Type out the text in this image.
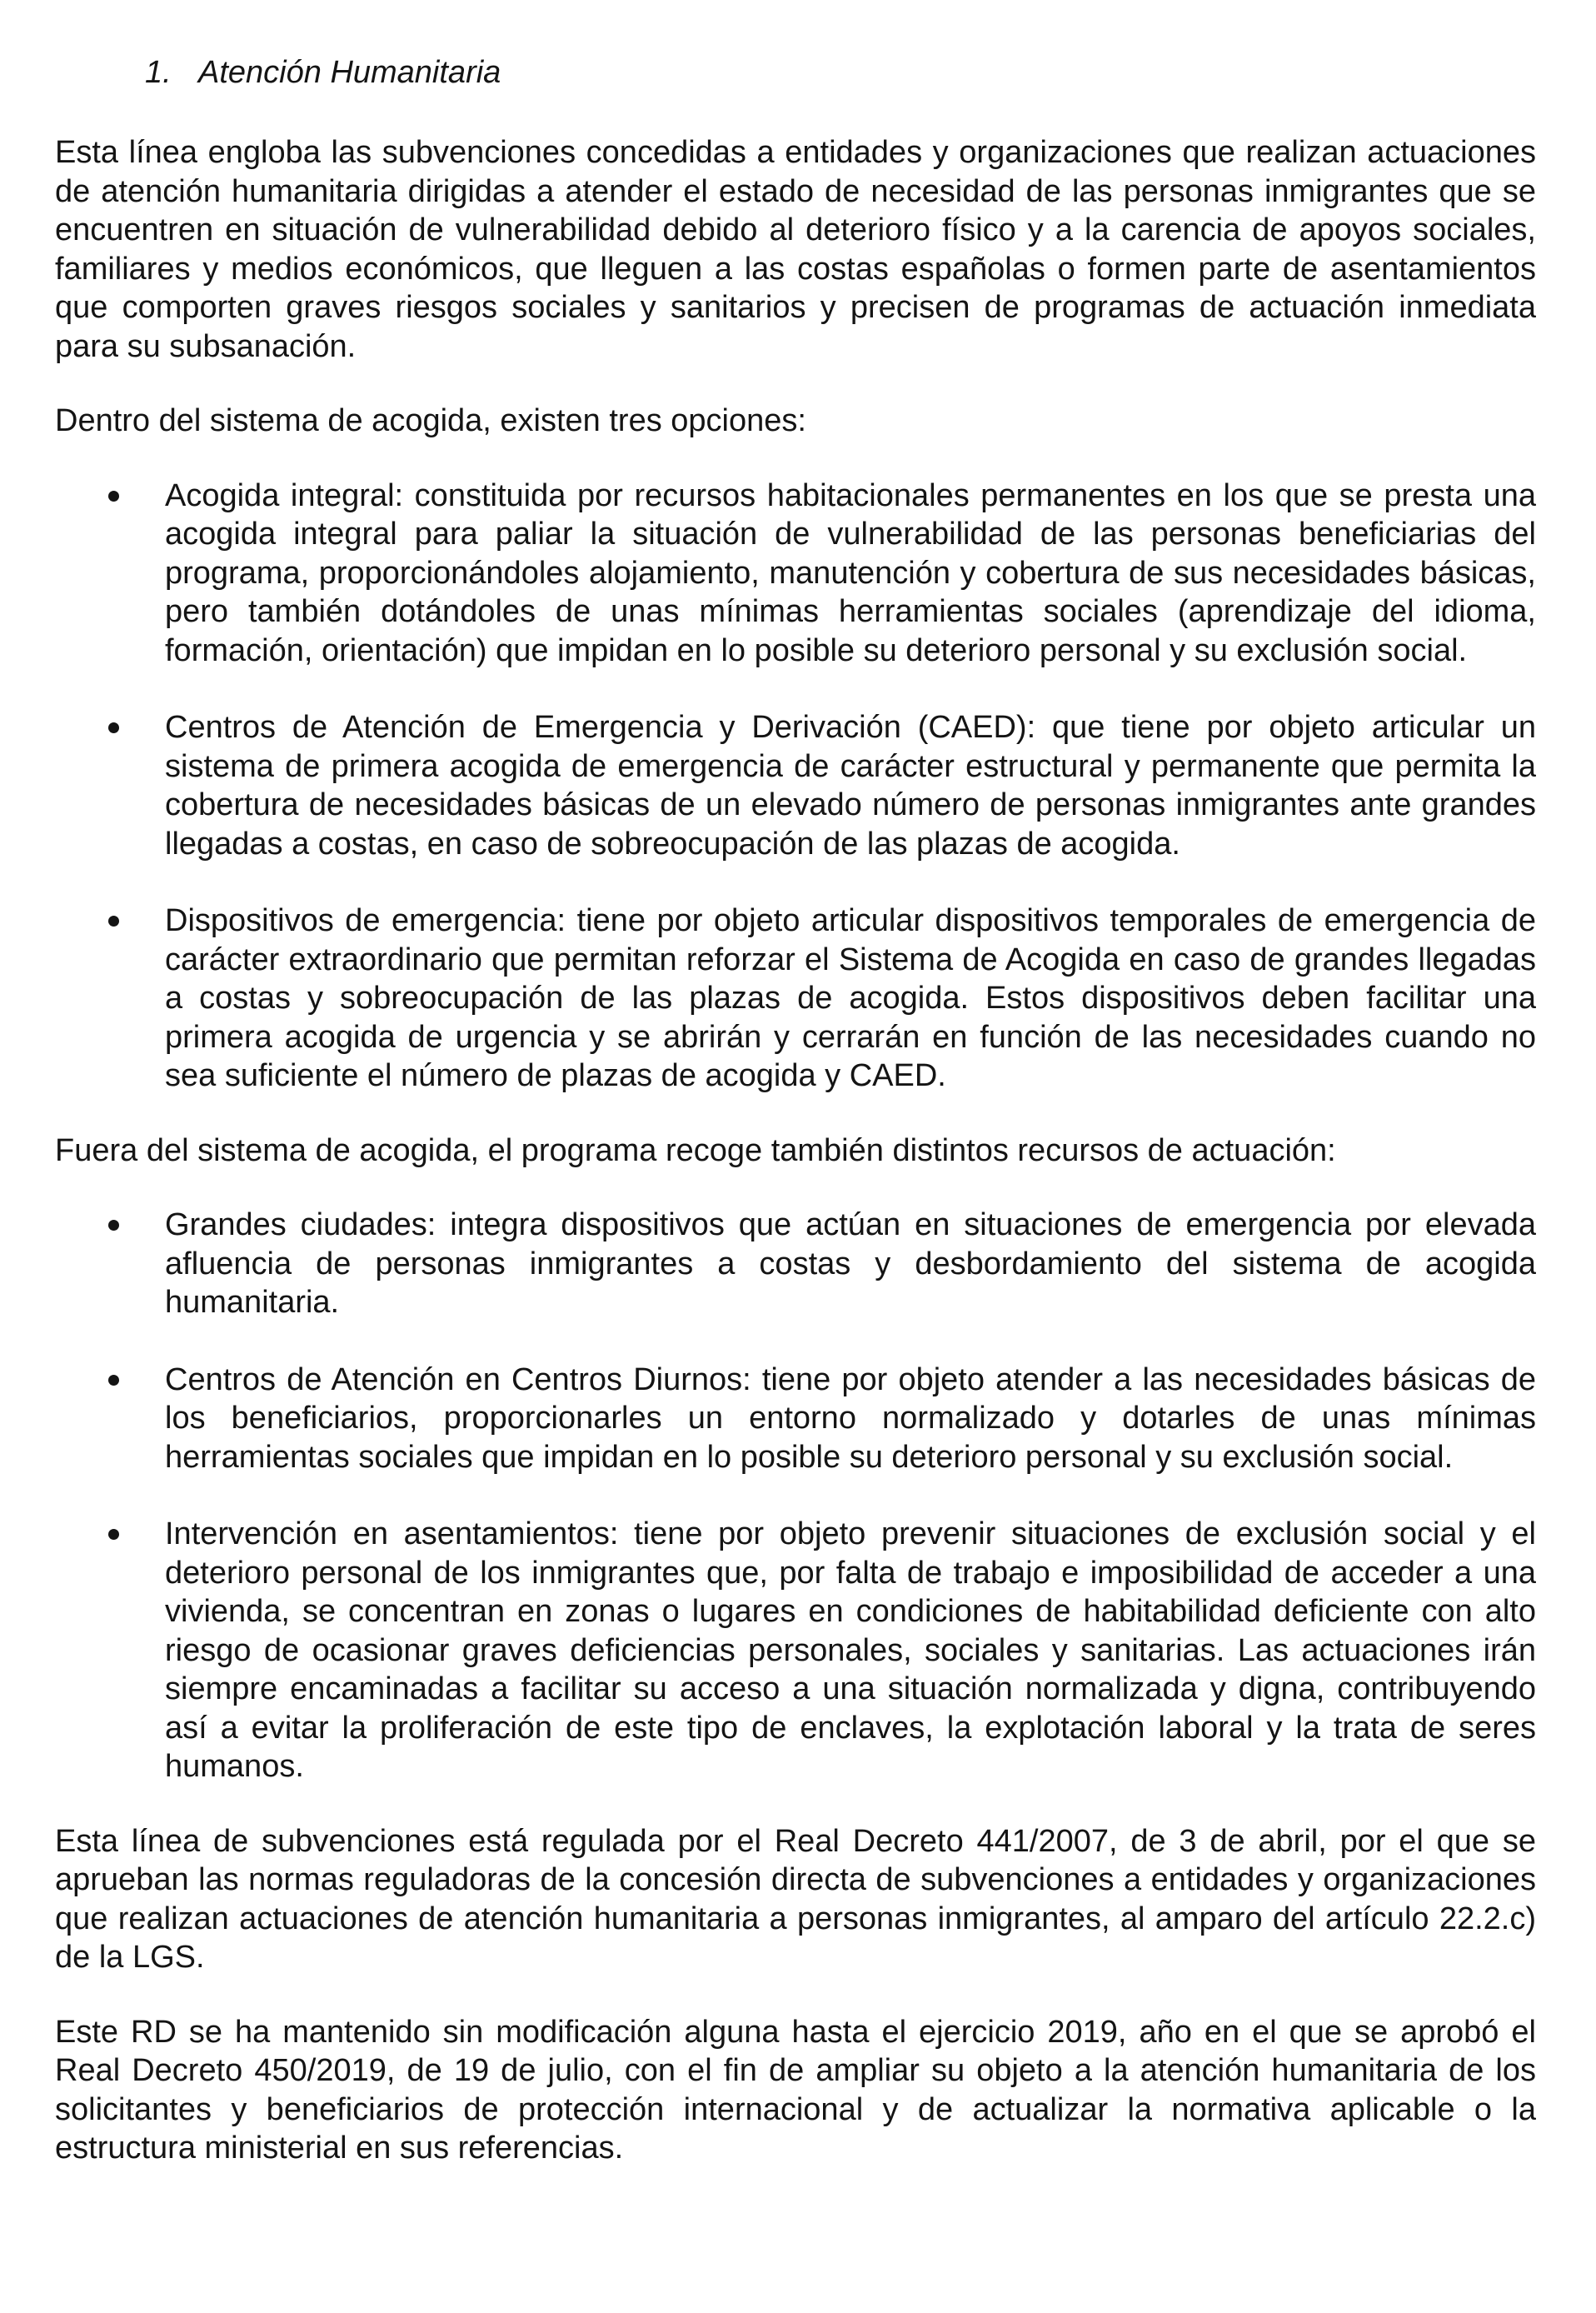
1. Atención Humanitaria

Esta línea engloba las subvenciones concedidas a entidades y organizaciones que realizan actuaciones de atención humanitaria dirigidas a atender el estado de necesidad de las personas inmigrantes que se encuentren en situación de vulnerabilidad debido al deterioro físico y a la carencia de apoyos sociales, familiares y medios económicos, que lleguen a las costas españolas o formen parte de asentamientos que comporten graves riesgos sociales y sanitarios y precisen de programas de actuación inmediata para su subsanación.

Dentro del sistema de acogida, existen tres opciones:

Acogida integral: constituida por recursos habitacionales permanentes en los que se presta una acogida integral para paliar la situación de vulnerabilidad de las personas beneficiarias del programa, proporcionándoles alojamiento, manutención y cobertura de sus necesidades básicas, pero también dotándoles de unas mínimas herramientas sociales (aprendizaje del idioma, formación, orientación) que impidan en lo posible su deterioro personal y su exclusión social.
Centros de Atención de Emergencia y Derivación (CAED): que tiene por objeto articular un sistema de primera acogida de emergencia de carácter estructural y permanente que permita la cobertura de necesidades básicas de un elevado número de personas inmigrantes ante grandes llegadas a costas, en caso de sobreocupación de las plazas de acogida.
Dispositivos de emergencia: tiene por objeto articular dispositivos temporales de emergencia de carácter extraordinario que permitan reforzar el Sistema de Acogida en caso de grandes llegadas a costas y sobreocupación de las plazas de acogida. Estos dispositivos deben facilitar una primera acogida de urgencia y se abrirán y cerrarán en función de las necesidades cuando no sea suficiente el número de plazas de acogida y CAED.

Fuera del sistema de acogida, el programa recoge también distintos recursos de actuación:

Grandes ciudades: integra dispositivos que actúan en situaciones de emergencia por elevada afluencia de personas inmigrantes a costas y desbordamiento del sistema de acogida humanitaria.
Centros de Atención en Centros Diurnos: tiene por objeto atender a las necesidades básicas de los beneficiarios, proporcionarles un entorno normalizado y dotarles de unas mínimas herramientas sociales que impidan en lo posible su deterioro personal y su exclusión social.
Intervención en asentamientos: tiene por objeto prevenir situaciones de exclusión social y el deterioro personal de los inmigrantes que, por falta de trabajo e imposibilidad de acceder a una vivienda, se concentran en zonas o lugares en condiciones de habitabilidad deficiente con alto riesgo de ocasionar graves deficiencias personales, sociales y sanitarias. Las actuaciones irán siempre encaminadas a facilitar su acceso a una situación normalizada y digna, contribuyendo así a evitar la proliferación de este tipo de enclaves, la explotación laboral y la trata de seres humanos.

Esta línea de subvenciones está regulada por el Real Decreto 441/2007, de 3 de abril, por el que se aprueban las normas reguladoras de la concesión directa de subvenciones a entidades y organizaciones que realizan actuaciones de atención humanitaria a personas inmigrantes, al amparo del artículo 22.2.c) de la LGS.

Este RD se ha mantenido sin modificación alguna hasta el ejercicio 2019, año en el que se aprobó el Real Decreto 450/2019, de 19 de julio, con el fin de ampliar su objeto a la atención humanitaria de los solicitantes y beneficiarios de protección internacional y de actualizar la normativa aplicable o la estructura ministerial en sus referencias.
